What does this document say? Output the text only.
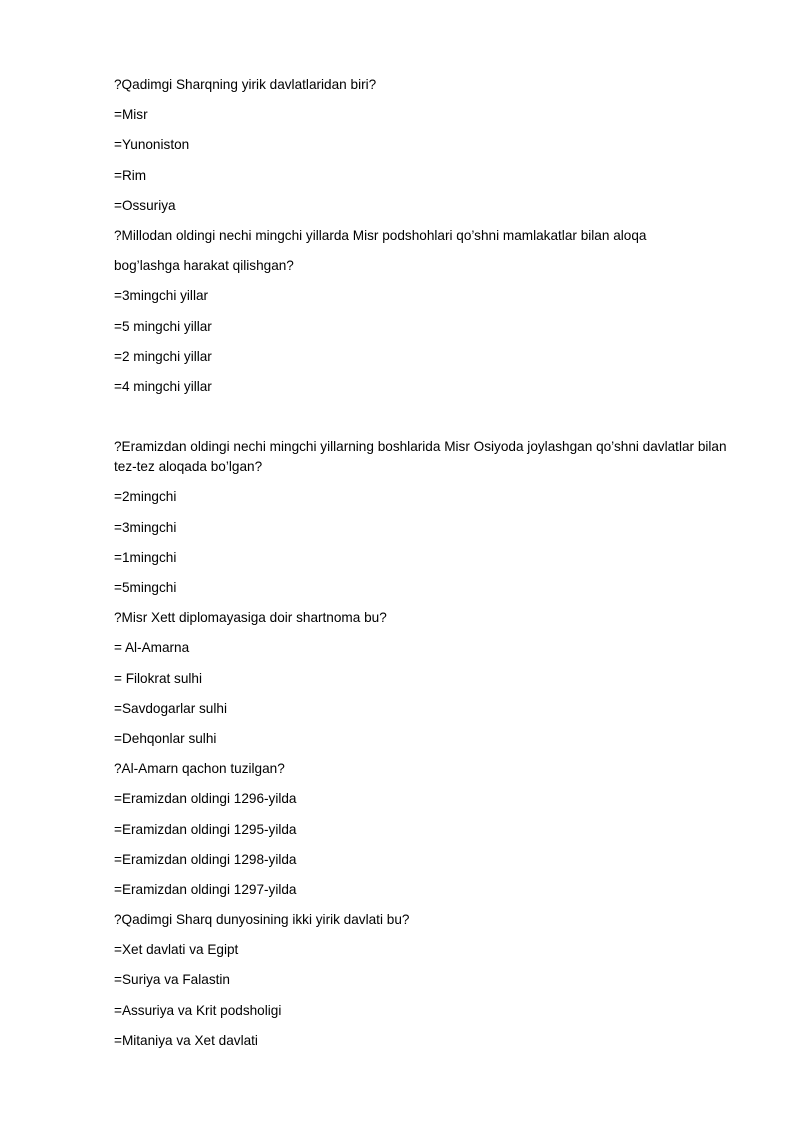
?Qadimgi Sharqning yirik davlatlaridan biri?
=Misr
=Yunoniston
=Rim
=Ossuriya
?Millodan oldingi nechi mingchi yillarda Misr podshohlari qo’shni mamlakatlar bilan aloqa
bog’lashga harakat qilishgan?
=3mingchi yillar
=5 mingchi yillar
=2 mingchi yillar
=4 mingchi yillar
?Eramizdan oldingi nechi mingchi yillarning boshlarida Misr Osiyoda joylashgan qo’shni davlatlar bilan
tez-tez aloqada bo’lgan?
=2mingchi
=3mingchi
=1mingchi
=5mingchi
?Misr Xett diplomayasiga doir shartnoma bu?
= Al-Amarna
= Filokrat sulhi
=Savdogarlar sulhi
=Dehqonlar sulhi
?Al-Amarn qachon tuzilgan?
=Eramizdan oldingi 1296-yilda
=Eramizdan oldingi 1295-yilda
=Eramizdan oldingi 1298-yilda
=Eramizdan oldingi 1297-yilda
?Qadimgi Sharq dunyosining ikki yirik davlati bu?
=Xet davlati va Egipt
=Suriya va Falastin
=Assuriya va Krit podsholigi
=Mitaniya va Xet davlati
